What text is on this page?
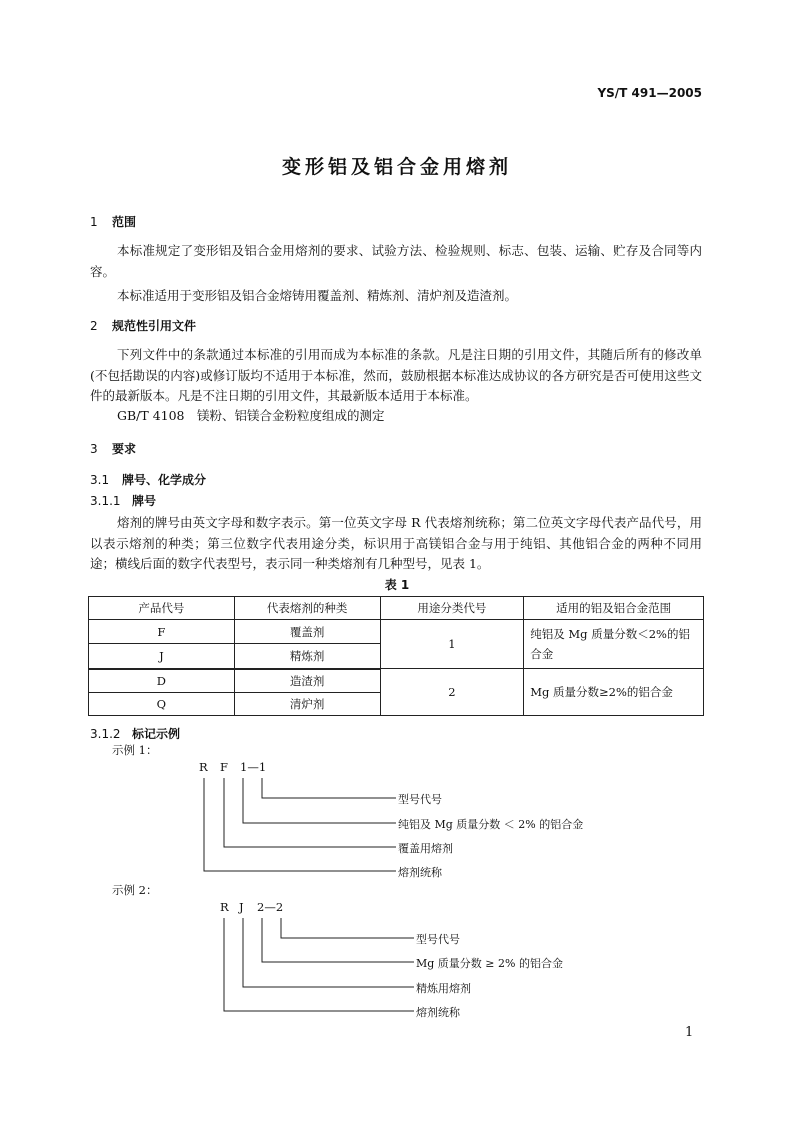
YS/T 491—2005
变形铝及铝合金用熔剂
1 范围
本标准规定了变形铝及铝合金用熔剂的要求、试验方法、检验规则、标志、包装、运输、贮存及合同等内容。
本标准适用于变形铝及铝合金熔铸用覆盖剂、精炼剂、清炉剂及造渣剂。
2 规范性引用文件
下列文件中的条款通过本标准的引用而成为本标准的条款。凡是注日期的引用文件，其随后所有的修改单(不包括勘误的内容)或修订版均不适用于本标准，然而，鼓励根据本标准达成协议的各方研究是否可使用这些文件的最新版本。凡是不注日期的引用文件，其最新版本适用于本标准。
GB/T 4108　镁粉、铝镁合金粉粒度组成的测定
3 要求
3.1 牌号、化学成分
3.1.1 牌号
熔剂的牌号由英文字母和数字表示。第一位英文字母 R 代表熔剂统称；第二位英文字母代表产品代号，用以表示熔剂的种类；第三位数字代表用途分类，标识用于高镁铝合金与用于纯铝、其他铝合金的两种不同用途；横线后面的数字代表型号，表示同一种类熔剂有几种型号，见表 1。
表 1
产品代号	代表熔剂的种类	用途分类代号	适用的铝及铝合金范围
F	覆盖剂	1	纯铝及 Mg 质量分数＜2%的铝合金
J	精炼剂		
D	造渣剂	2	Mg 质量分数≥2%的铝合金
Q	清炉剂		
3.1.2 标记示例
示例 1：
R F 1—1
型号代号
纯铝及 Mg 质量分数 ＜ 2% 的铝合金
覆盖用熔剂
熔剂统称
示例 2：
R J 2—2
型号代号
Mg 质量分数 ≥ 2% 的铝合金
精炼用熔剂
熔剂统称
1
